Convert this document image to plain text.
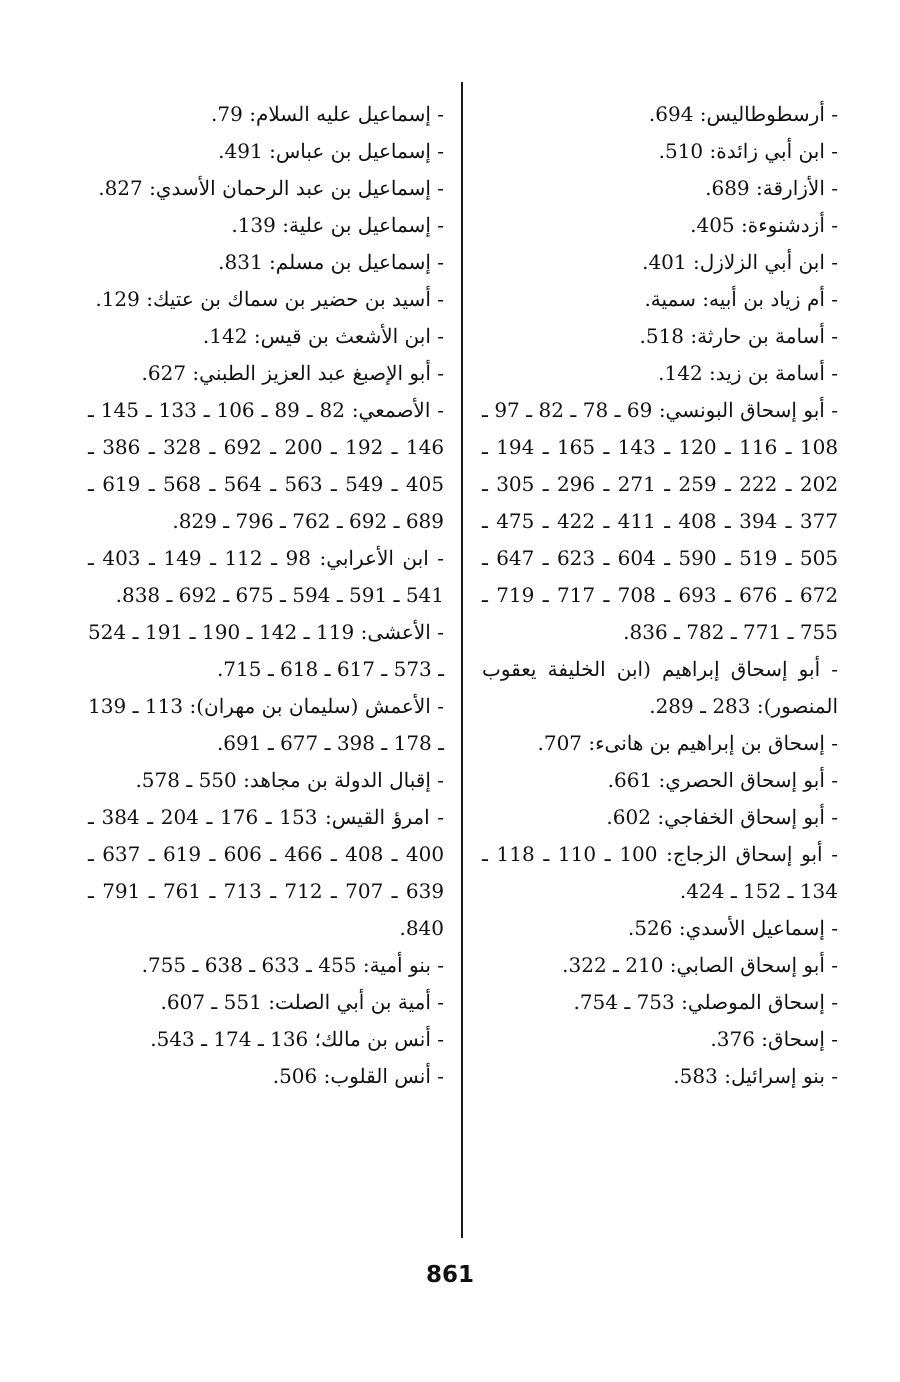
- أرسطوطاليس: 694.

- ابن أبي زائدة: 510.

- الأزارقة: 689.

- أزدشنوءة: 405.

- ابن أبي الزلازل: 401.

- أم زياد بن أبيه: سمية.

- أسامة بن حارثة: 518.

- أسامة بن زيد: 142.

- أبو إسحاق البونسي: 69 ـ 78 ـ 82 ـ 97 ـ 108 ـ 116 ـ 120 ـ 143 ـ 165 ـ 194 ـ 202 ـ 222 ـ 259 ـ 271 ـ 296 ـ 305 ـ 377 ـ 394 ـ 408 ـ 411 ـ 422 ـ 475 ـ 505 ـ 519 ـ 590 ـ 604 ـ 623 ـ 647 ـ 672 ـ 676 ـ 693 ـ 708 ـ 717 ـ 719 ـ 755 ـ 771 ـ 782 ـ 836.

- أبو إسحاق إبراهيم (ابن الخليفة يعقوب المنصور): 283 ـ 289.

- إسحاق بن إبراهيم بن هانىء: 707.

- أبو إسحاق الحصري: 661.

- أبو إسحاق الخفاجي: 602.

- أبو إسحاق الزجاج: 100 ـ 110 ـ 118 ـ 134 ـ 152 ـ 424.

- إسماعيل الأسدي: 526.

- أبو إسحاق الصابي: 210 ـ 322.

- إسحاق الموصلي: 753 ـ 754.

- إسحاق: 376.

- بنو إسرائيل: 583.

- إسماعيل عليه السلام: 79.

- إسماعيل بن عباس: 491.

- إسماعيل بن عبد الرحمان الأسدي: 827.

- إسماعيل بن علية: 139.

- إسماعيل بن مسلم: 831.

- أسيد بن حضير بن سماك بن عتيك: 129.

- ابن الأشعث بن قيس: 142.

- أبو الإصبغ عبد العزيز الطبني: 627.

- الأصمعي: 82 ـ 89 ـ 106 ـ 133 ـ 145 ـ 146 ـ 192 ـ 200 ـ 692 ـ 328 ـ 386 ـ 405 ـ 549 ـ 563 ـ 564 ـ 568 ـ 619 ـ 689 ـ 692 ـ 762 ـ 796 ـ 829.

- ابن الأعرابي: 98 ـ 112 ـ 149 ـ 403 ـ 541 ـ 591 ـ 594 ـ 675 ـ 692 ـ 838.

- الأعشى: 119 ـ 142 ـ 190 ـ 191 ـ 524 ـ 573 ـ 617 ـ 618 ـ 715.

- الأعمش (سليمان بن مهران): 113 ـ 139 ـ 178 ـ 398 ـ 677 ـ 691.

- إقبال الدولة بن مجاهد: 550 ـ 578.

- امرؤ القيس: 153 ـ 176 ـ 204 ـ 384 ـ 400 ـ 408 ـ 466 ـ 606 ـ 619 ـ 637 ـ 639 ـ 707 ـ 712 ـ 713 ـ 761 ـ 791 ـ 840.

- بنو أمية: 455 ـ 633 ـ 638 ـ 755.

- أمية بن أبي الصلت: 551 ـ 607.

- أنس بن مالك؛ 136 ـ 174 ـ 543.

- أنس القلوب: 506.

861
